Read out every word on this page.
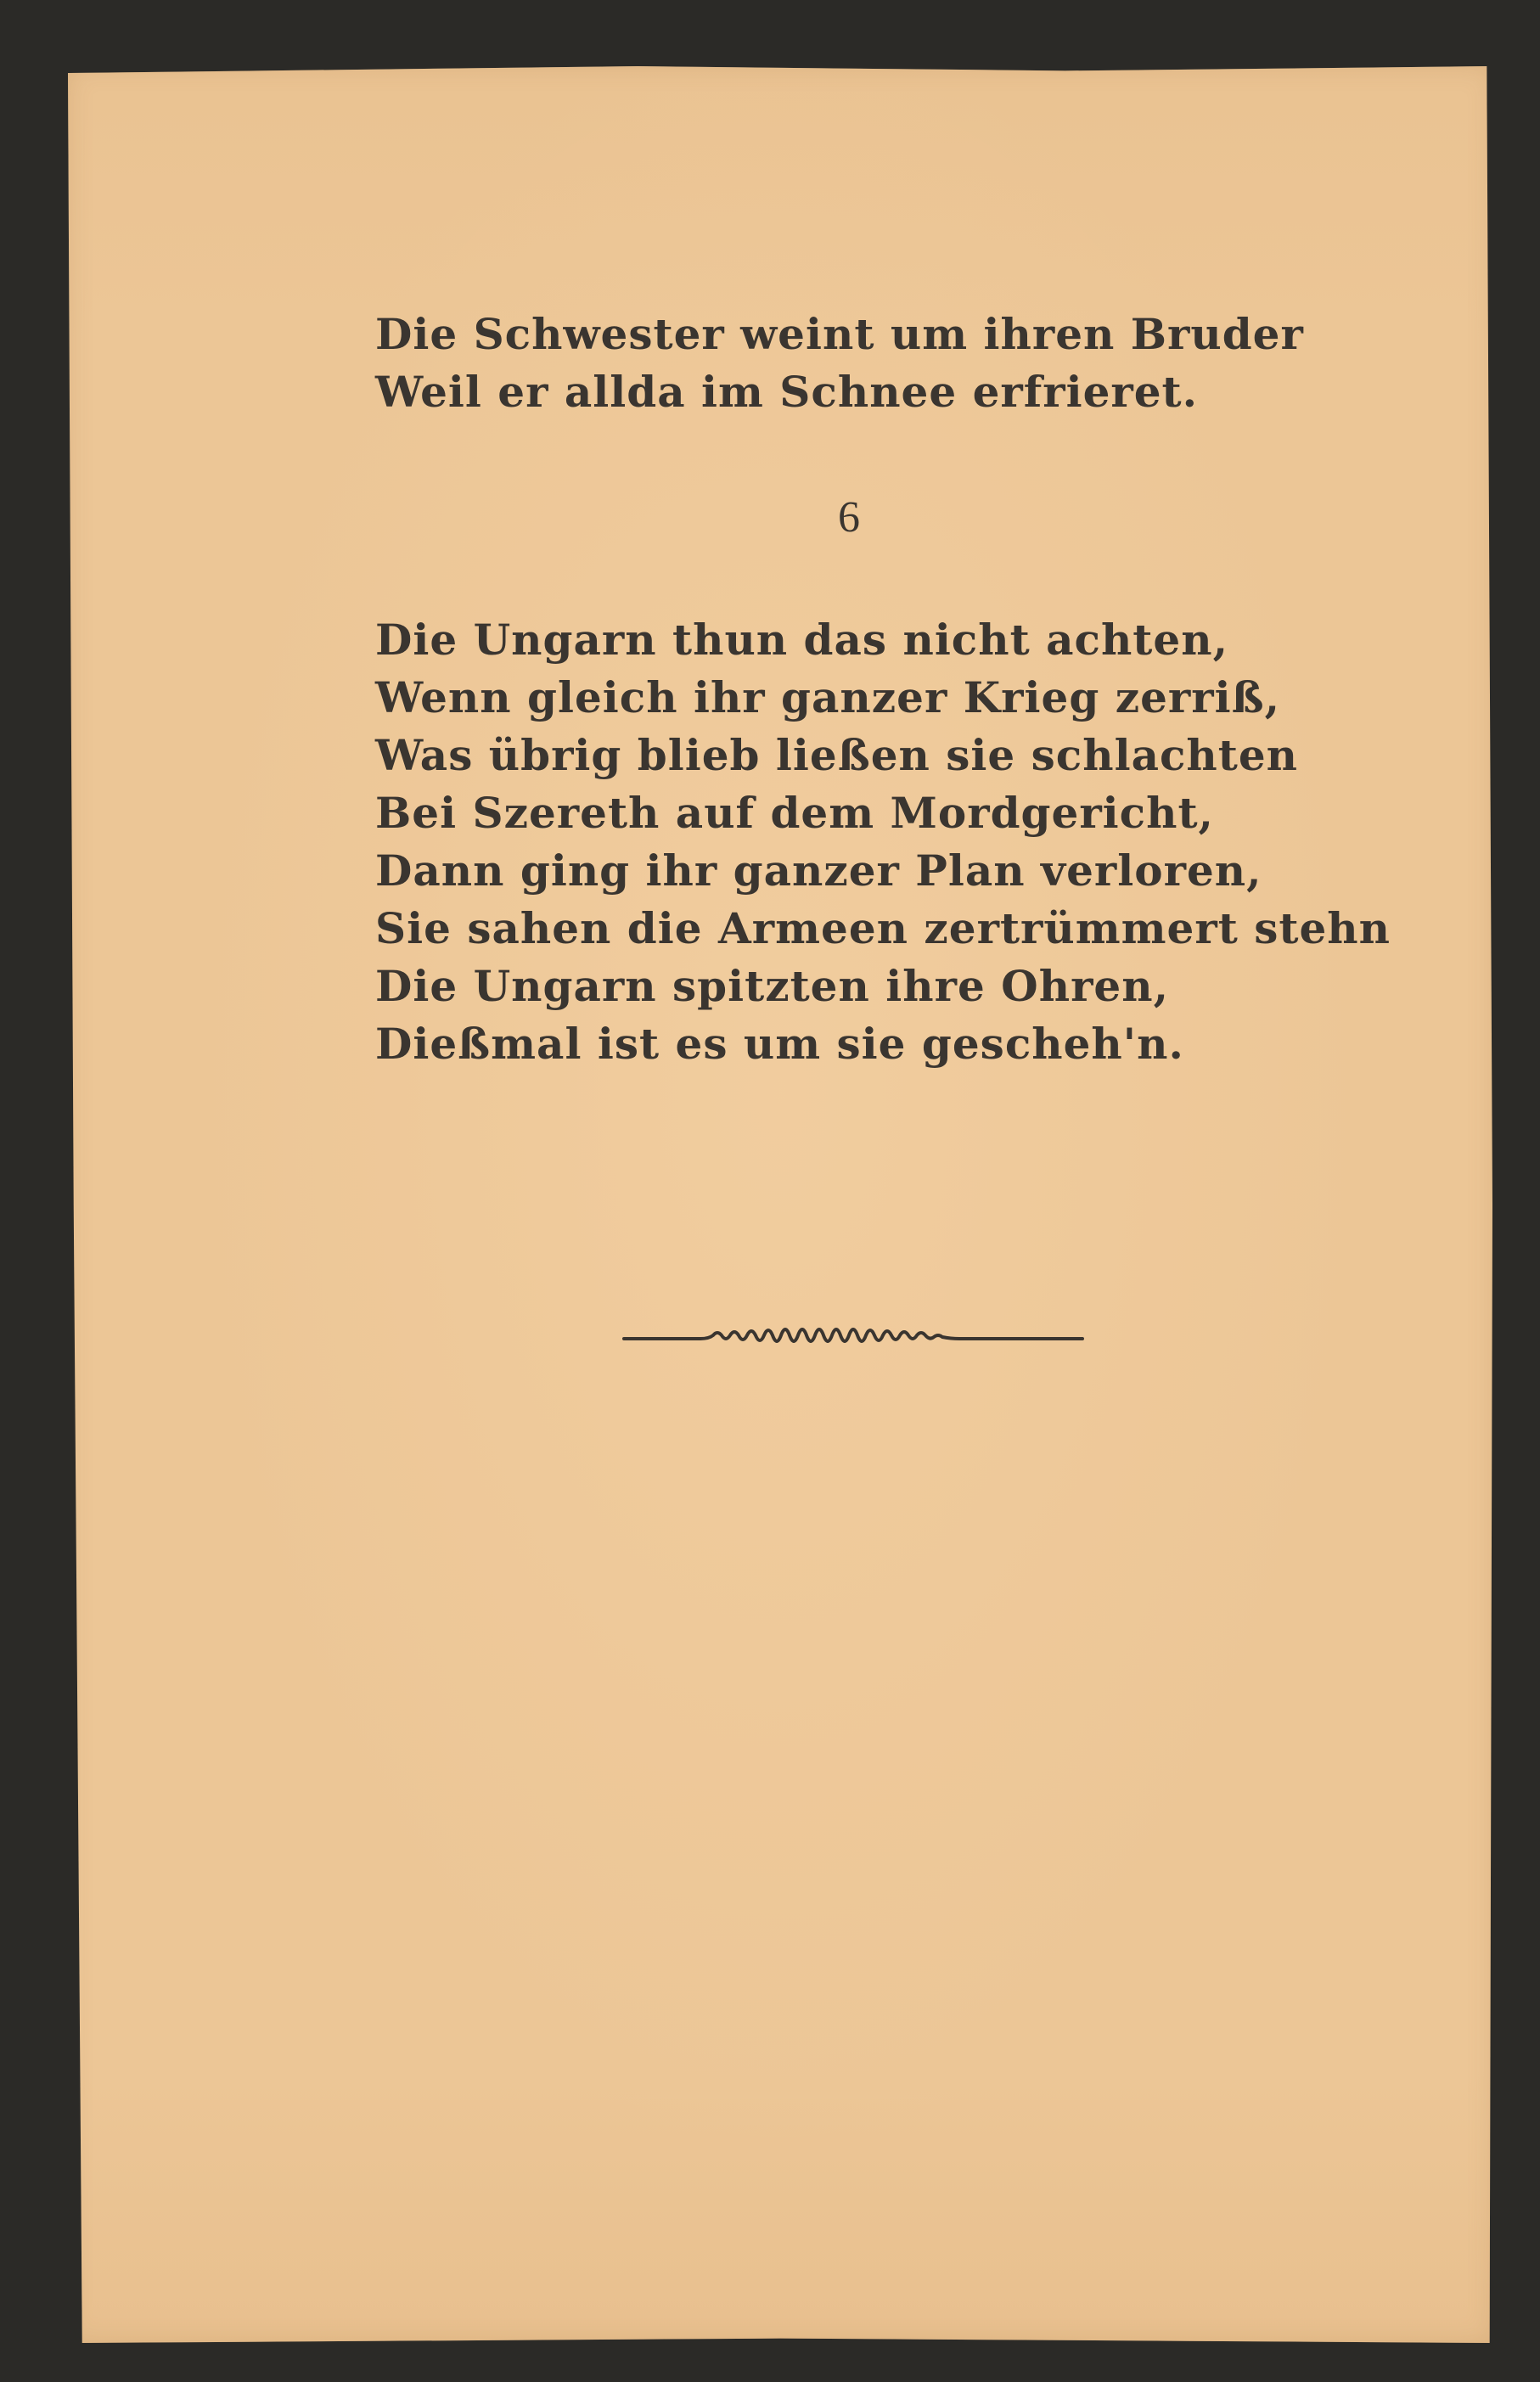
Die Schwester weint um ihren Bruder
Weil er allda im Schnee erfrieret.
6
Die Ungarn thun das nicht achten,
Wenn gleich ihr ganzer Krieg zerriß,
Was übrig blieb ließen sie schlachten
Bei Szereth auf dem Mordgericht,
Dann ging ihr ganzer Plan verloren,
Sie sahen die Armeen zertrümmert stehn
Die Ungarn spitzten ihre Ohren,
Dießmal ist es um sie gescheh'n.
